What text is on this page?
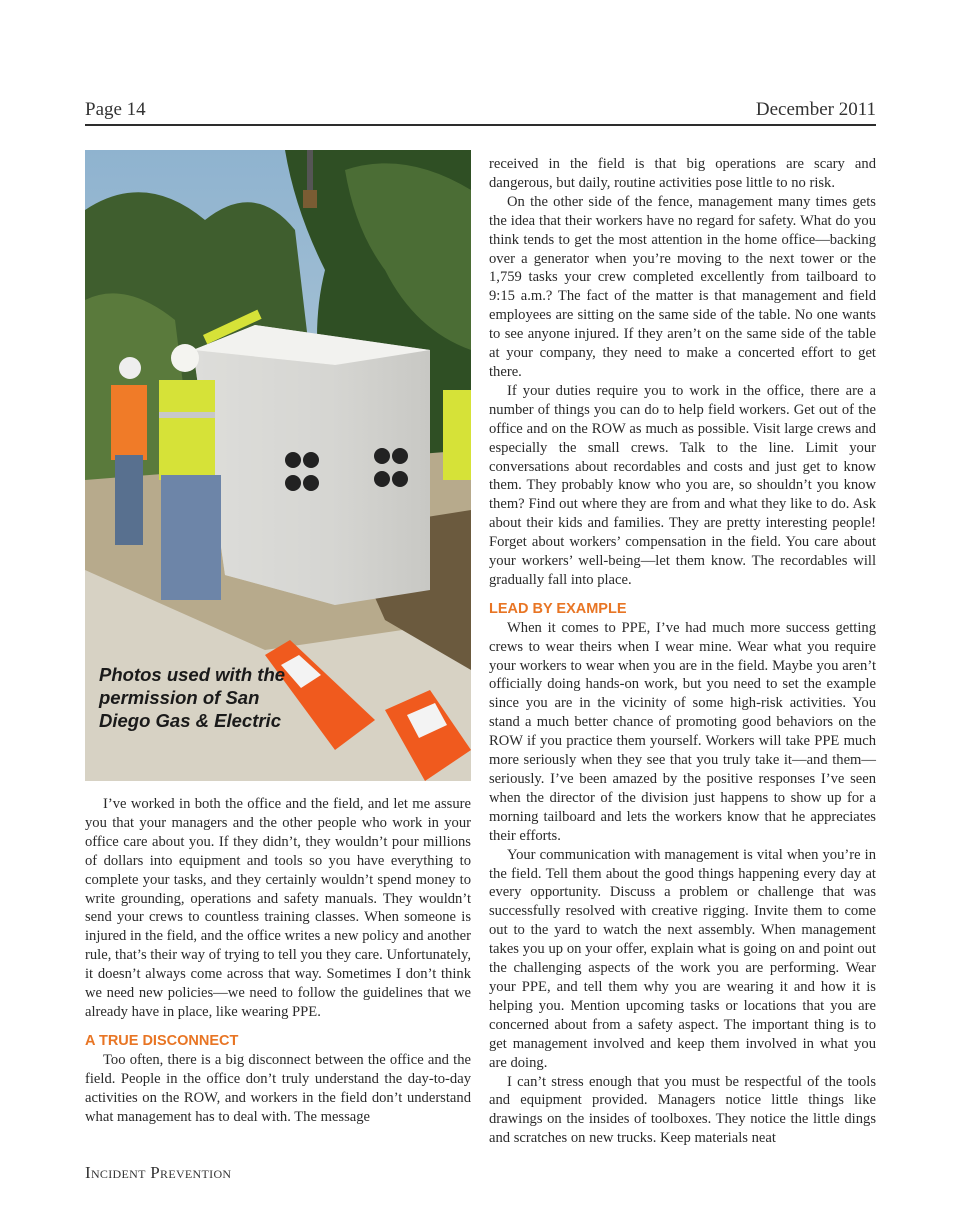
Page 14	December 2011

Photos used with the permission of San Diego Gas & Electric

I’ve worked in both the office and the field, and let me assure you that your managers and the other people who work in your office care about you. If they didn’t, they wouldn’t pour millions of dollars into equipment and tools so you have everything to complete your tasks, and they certainly wouldn’t spend money to write grounding, operations and safety manuals. They wouldn’t send your crews to countless training classes. When someone is injured in the field, and the office writes a new policy and another rule, that’s their way of trying to tell you they care. Unfortunately, it doesn’t always come across that way. Sometimes I don’t think we need new policies—we need to follow the guidelines that we already have in place, like wearing PPE.

A TRUE DISCONNECT

Too often, there is a big disconnect between the office and the field. People in the office don’t truly understand the day-to-day activities on the ROW, and workers in the field don’t understand what management has to deal with. The message

received in the field is that big operations are scary and dangerous, but daily, routine activities pose little to no risk.

On the other side of the fence, management many times gets the idea that their workers have no regard for safety. What do you think tends to get the most attention in the home office—backing over a generator when you’re moving to the next tower or the 1,759 tasks your crew completed excellently from tailboard to 9:15 a.m.? The fact of the matter is that management and field employees are sitting on the same side of the table. No one wants to see anyone injured. If they aren’t on the same side of the table at your company, they need to make a concerted effort to get there.

If your duties require you to work in the office, there are a number of things you can do to help field workers. Get out of the office and on the ROW as much as possible. Visit large crews and especially the small crews. Talk to the line. Limit your conversations about recordables and costs and just get to know them. They probably know who you are, so shouldn’t you know them? Find out where they are from and what they like to do. Ask about their kids and families. They are pretty interesting people! Forget about workers’ compensation in the field. You care about your workers’ well-being—let them know. The recordables will gradually fall into place.

LEAD BY EXAMPLE

When it comes to PPE, I’ve had much more success getting crews to wear theirs when I wear mine. Wear what you require your workers to wear when you are in the field. Maybe you aren’t officially doing hands-on work, but you need to set the example since you are in the vicinity of some high-risk activities. You stand a much better chance of promoting good behaviors on the ROW if you practice them yourself. Workers will take PPE much more seriously when they see that you truly take it—and them—seriously. I’ve been amazed by the positive responses I’ve seen when the director of the division just happens to show up for a morning tailboard and lets the workers know that he appreciates their efforts.

Your communication with management is vital when you’re in the field. Tell them about the good things happening every day at every opportunity. Discuss a problem or challenge that was successfully resolved with creative rigging. Invite them to come out to the yard to watch the next assembly. When management takes you up on your offer, explain what is going on and point out the challenging aspects of the work you are performing. Wear your PPE, and tell them why you are wearing it and how it is helping you. Mention upcoming tasks or locations that you are concerned about from a safety aspect. The important thing is to get management involved and keep them involved in what you are doing.

I can’t stress enough that you must be respectful of the tools and equipment provided. Managers notice little things like drawings on the insides of toolboxes. They notice the little dings and scratches on new trucks. Keep materials neat

Incident Prevention
